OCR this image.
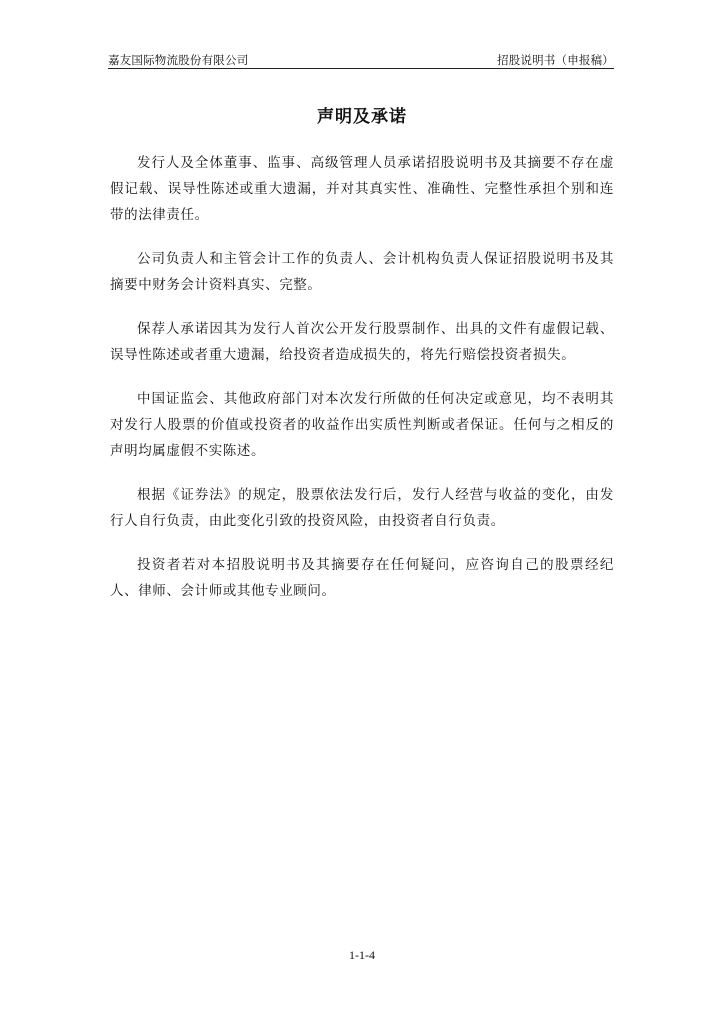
嘉友国际物流股份有限公司	招股说明书（申报稿）
声明及承诺

发行人及全体董事、监事、高级管理人员承诺招股说明书及其摘要不存在虚假记载、误导性陈述或重大遗漏，并对其真实性、准确性、完整性承担个别和连带的法律责任。

公司负责人和主管会计工作的负责人、会计机构负责人保证招股说明书及其摘要中财务会计资料真实、完整。

保荐人承诺因其为发行人首次公开发行股票制作、出具的文件有虚假记载、误导性陈述或者重大遗漏，给投资者造成损失的，将先行赔偿投资者损失。

中国证监会、其他政府部门对本次发行所做的任何决定或意见，均不表明其对发行人股票的价值或投资者的收益作出实质性判断或者保证。任何与之相反的声明均属虚假不实陈述。

根据《证券法》的规定，股票依法发行后，发行人经营与收益的变化，由发行人自行负责，由此变化引致的投资风险，由投资者自行负责。

投资者若对本招股说明书及其摘要存在任何疑问，应咨询自己的股票经纪人、律师、会计师或其他专业顾问。

1-1-4
